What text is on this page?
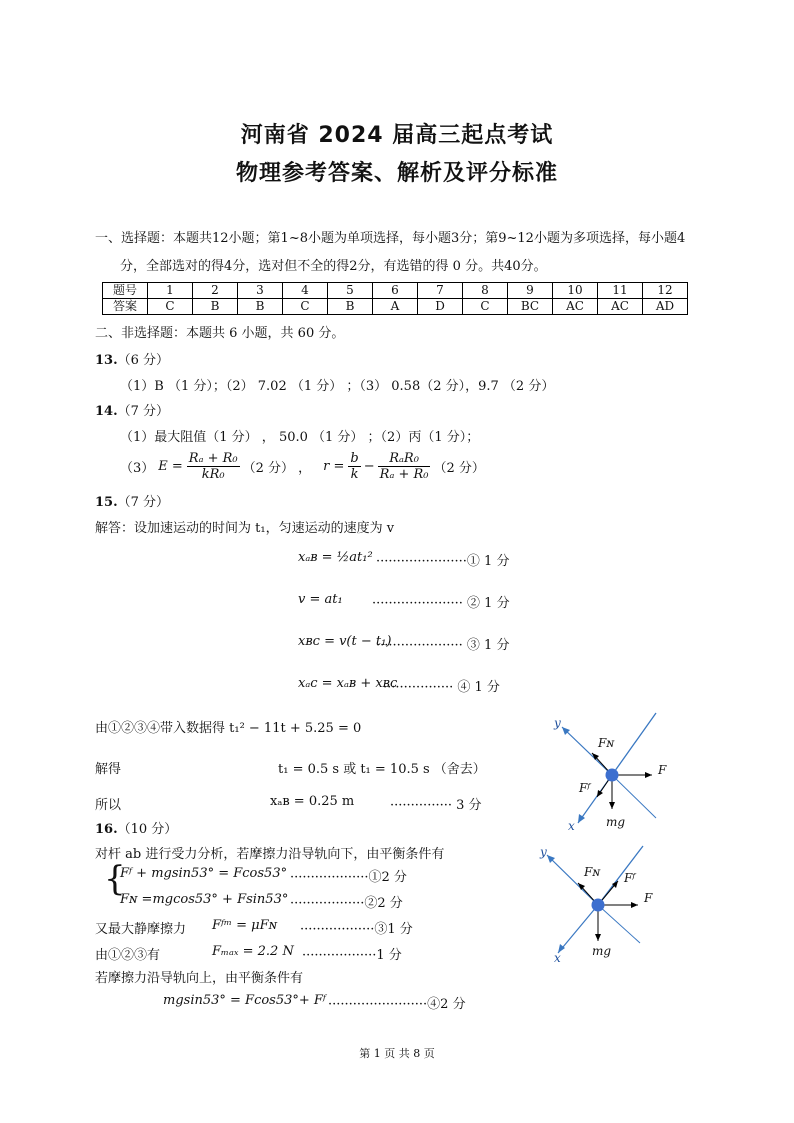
河南省 2024 届高三起点考试
物理参考答案、解析及评分标准
一、选择题：本题共12小题；第1~8小题为单项选择，每小题3分；第9~12小题为多项选择，每小题4
分，全部选对的得4分，选对但不全的得2分，有选错的得 0 分。共40分。
题号	1	2	3	4	5	6	7	8	9	10	11	12
答案	C	B	B	C	B	A	D	C	BC	AC	AC	AD
二、非选择题：本题共 6 小题，共 60 分。
13.（6 分）
（1）B （1 分）；（2） 7.02 （1 分） ；（3） 0.58（2 分），9.7 （2 分）
14.（7 分）
（1）最大阻值（1 分） ， 50.0 （1 分） ；（2）丙（1 分）；
（3） $E = \frac{\text{Rₐ + R₀}}{\text{kR₀}} (2$ 分） ， $r = \frac{b}{k} - \frac{\text{RₐR₀}}{\text{Rₐ + R₀}} (2$ 分）
15.（7 分）
解答：设加速运动的时间为 t₁，匀速运动的速度为 v
xₐʙ = ½at₁² ······················① 1 分
v = at₁ ······················ ② 1 分
xʙᴄ = v(t − t₁)
····················· ③ 1 分
xₐᴄ = xₐʙ + xʙᴄ
················· ④ 1 分
由①②③④带入数据得 t₁² − 11t + 5.25 = 0
解得	t₁ = 0.5 s 或 t₁ = 10.5 s （舍去）
所以	xₐʙ = 0.25 m	··············· 3 分
y
Fɴ
F
Fᶠ
x	mg
16.（10 分）
对杆 ab 进行受力分析，若摩擦力沿导轨向下，由平衡条件有
{
Fᶠ + mgsin53° = Fcos53° ···················①2 分
Fɴ =mgcos53° + Fsin53° ··················②2 分
又最大静摩擦力 Fᶠᵐ = μFɴ ··················③1 分
由①②③有	Fₘₐₓ = 2.2 N ··················1 分
若摩擦力沿导轨向上，由平衡条件有
mgsin53° = Fcos53°+ Fᶠ ························④2 分
y
Fɴ Fᶠ
F
x	mg
第 1 页 共 8 页
